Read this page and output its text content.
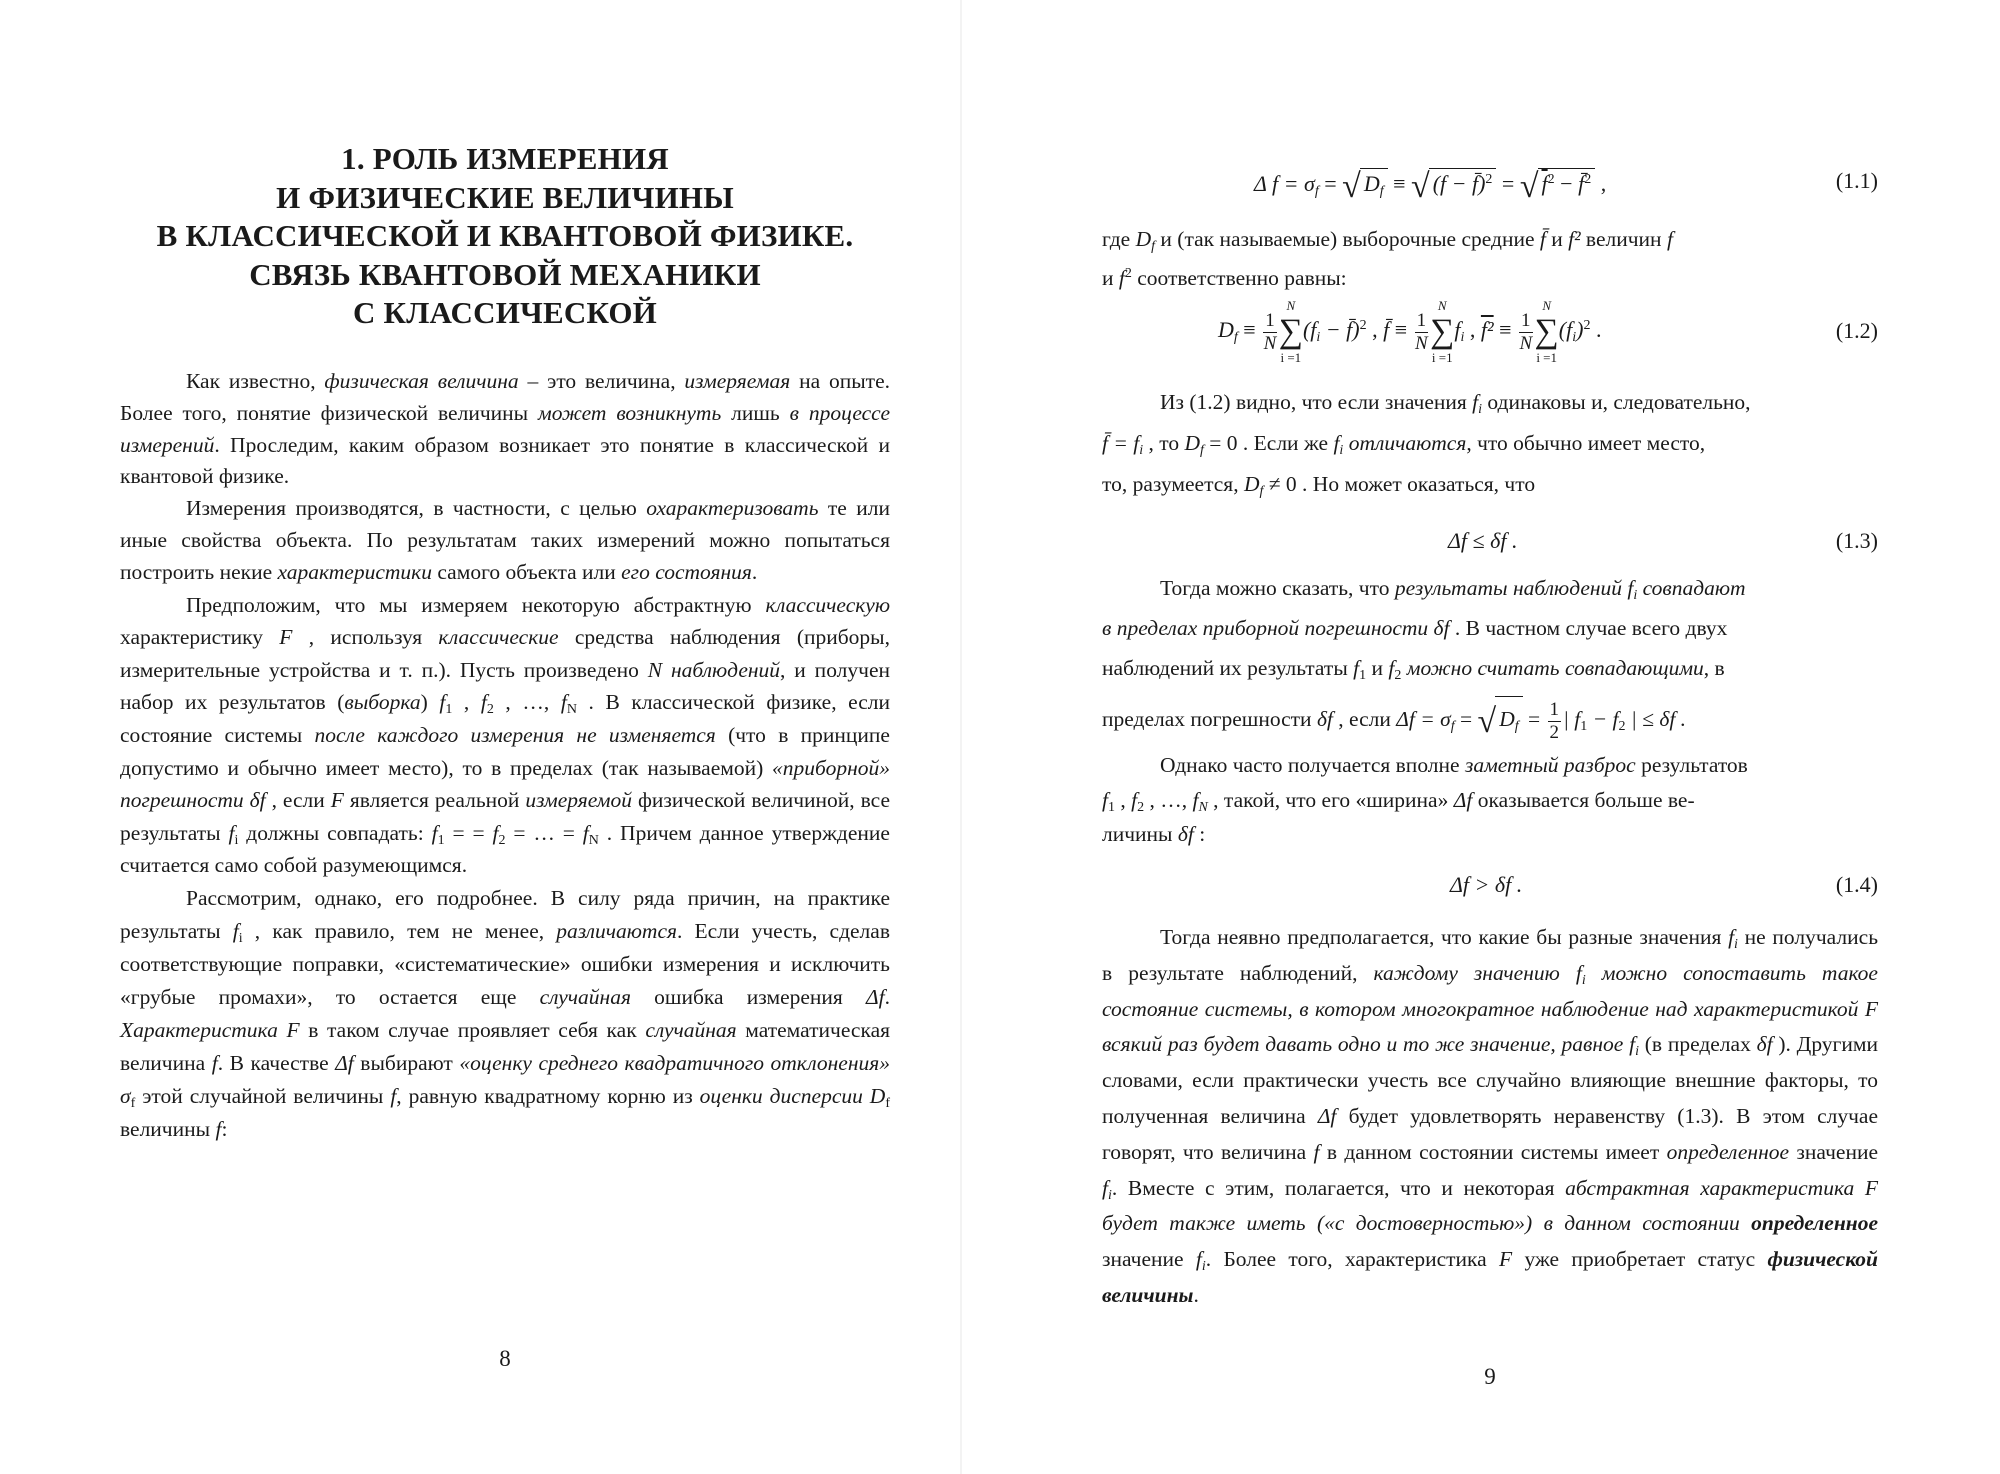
1. РОЛЬ ИЗМЕРЕНИЯ
И ФИЗИЧЕСКИЕ ВЕЛИЧИНЫ
В КЛАССИЧЕСКОЙ И КВАНТОВОЙ ФИЗИКЕ.
СВЯЗЬ КВАНТОВОЙ МЕХАНИКИ
С КЛАССИЧЕСКОЙ

Как известно, физическая величина – это величина, измеряемая на опыте. Более того, понятие физической величины может возникнуть лишь в процессе измерений. Проследим, каким образом возникает это понятие в классической и квантовой физике.

Измерения производятся, в частности, с целью охарактеризовать те или иные свойства объекта. По результатам таких измерений можно попытаться построить некие характеристики самого объекта или его состояния.

Предположим, что мы измеряем некоторую абстрактную классическую характеристику F , используя классические средства наблюдения (приборы, измерительные устройства и т. п.). Пусть произведено N наблюдений, и получен набор их результатов (выборка) $f_1$ , $f_2$ , …, $f_N$ . В классической физике, если состояние системы после каждого измерения не изменяется (что в принципе допустимо и обычно имеет место), то в пределах (так называемой) «приборной» погрешности δf , если F является реальной измеряемой физической величиной, все результаты $f_i$ должны совпадать: $f_1$ = = $f_2$ = … = $f_N$ . Причем данное утверждение считается само собой разумеющимся.

Рассмотрим, однако, его подробнее. В силу ряда причин, на практике результаты $f_i$ , как правило, тем не менее, различаются. Если учесть, сделав соответствующие поправки, «систематические» ошибки измерения и исключить «грубые промахи», то остается еще случайная ошибка измерения Δf. Характеристика F в таком случае проявляет себя как случайная математическая величина f. В качестве Δf выбирают «оценку среднего квадратичного отклонения» $\sigma_f$ этой случайной величины f, равную квадратному корню из оценки дисперсии $D_f$ величины f:

8
Δ $f = \sigma_f$ = √ $D_f$ ≡ √ (f − f̄)$^2$ = √ $f^2$ − f̄$^2$ ,	(1.1)
где $D_f$ и (так называемые) выборочные средние f̄ и f² величин f
и $f^2$ соответственно равны:
$D_f \equiv \frac{1}{N}$
N
∑
i =1
($f_i$ − f̄)$^2$ , f̄ ≡ $\frac{1}{N}$
N
∑
i =1
$f_i$ , $f^2 \equiv \frac{1}{N}$
N
∑
i =1
$(f_i)^2$ .	(1.2)

Из (1.2) видно, что если значения $f_i$ одинаковы и, следовательно,

f̄ = $f_i$ , то $D_f = 0$ . Если же $f_i$ отличаются, что обычно имеет место,

то, разумеется, $D_f \ne 0$ . Но может оказаться, что

Δf ≤ δf .	(1.3)

Тогда можно сказать, что результаты наблюдений $f_i$ совпадают

в пределах приборной погрешности δf . В частном случае всего двух

наблюдений их результаты $f_1$ и $f_2$ можно считать совпадающими, в

пределах погрешности δf , если $\Delta f = \sigma_f$ = √ $D_f = \frac{1}{2}$ | $f_1 - f_2$ | ≤ δf .

Однако часто получается вполне заметный разброс результатов

$f_1$ , $f_2$ , …, $f_N$ , такой, что его «ширина» Δf оказывается больше ве-

личины δf :

Δf > δf .	(1.4)

Тогда неявно предполагается, что какие бы разные значения $f_i$ не получались в результате наблюдений, каждому значению $f_i$ можно сопоставить такое состояние системы, в котором многократное наблюдение над характеристикой F всякий раз будет давать одно и то же значение, равное $f_i$ (в пределах δf ). Другими словами, если практически учесть все случайно влияющие внешние факторы, то полученная величина Δf будет удовлетворять неравенству (1.3). В этом случае говорят, что величина f в данном состоянии системы имеет определенное значение $f_i$. Вместе с этим, полагается, что и некоторая абстрактная характеристика F будет также иметь («с достоверностью») в данном состоянии определенное значение $f_i$. Более того, характеристика F уже приобретает статус физической величины.

9
